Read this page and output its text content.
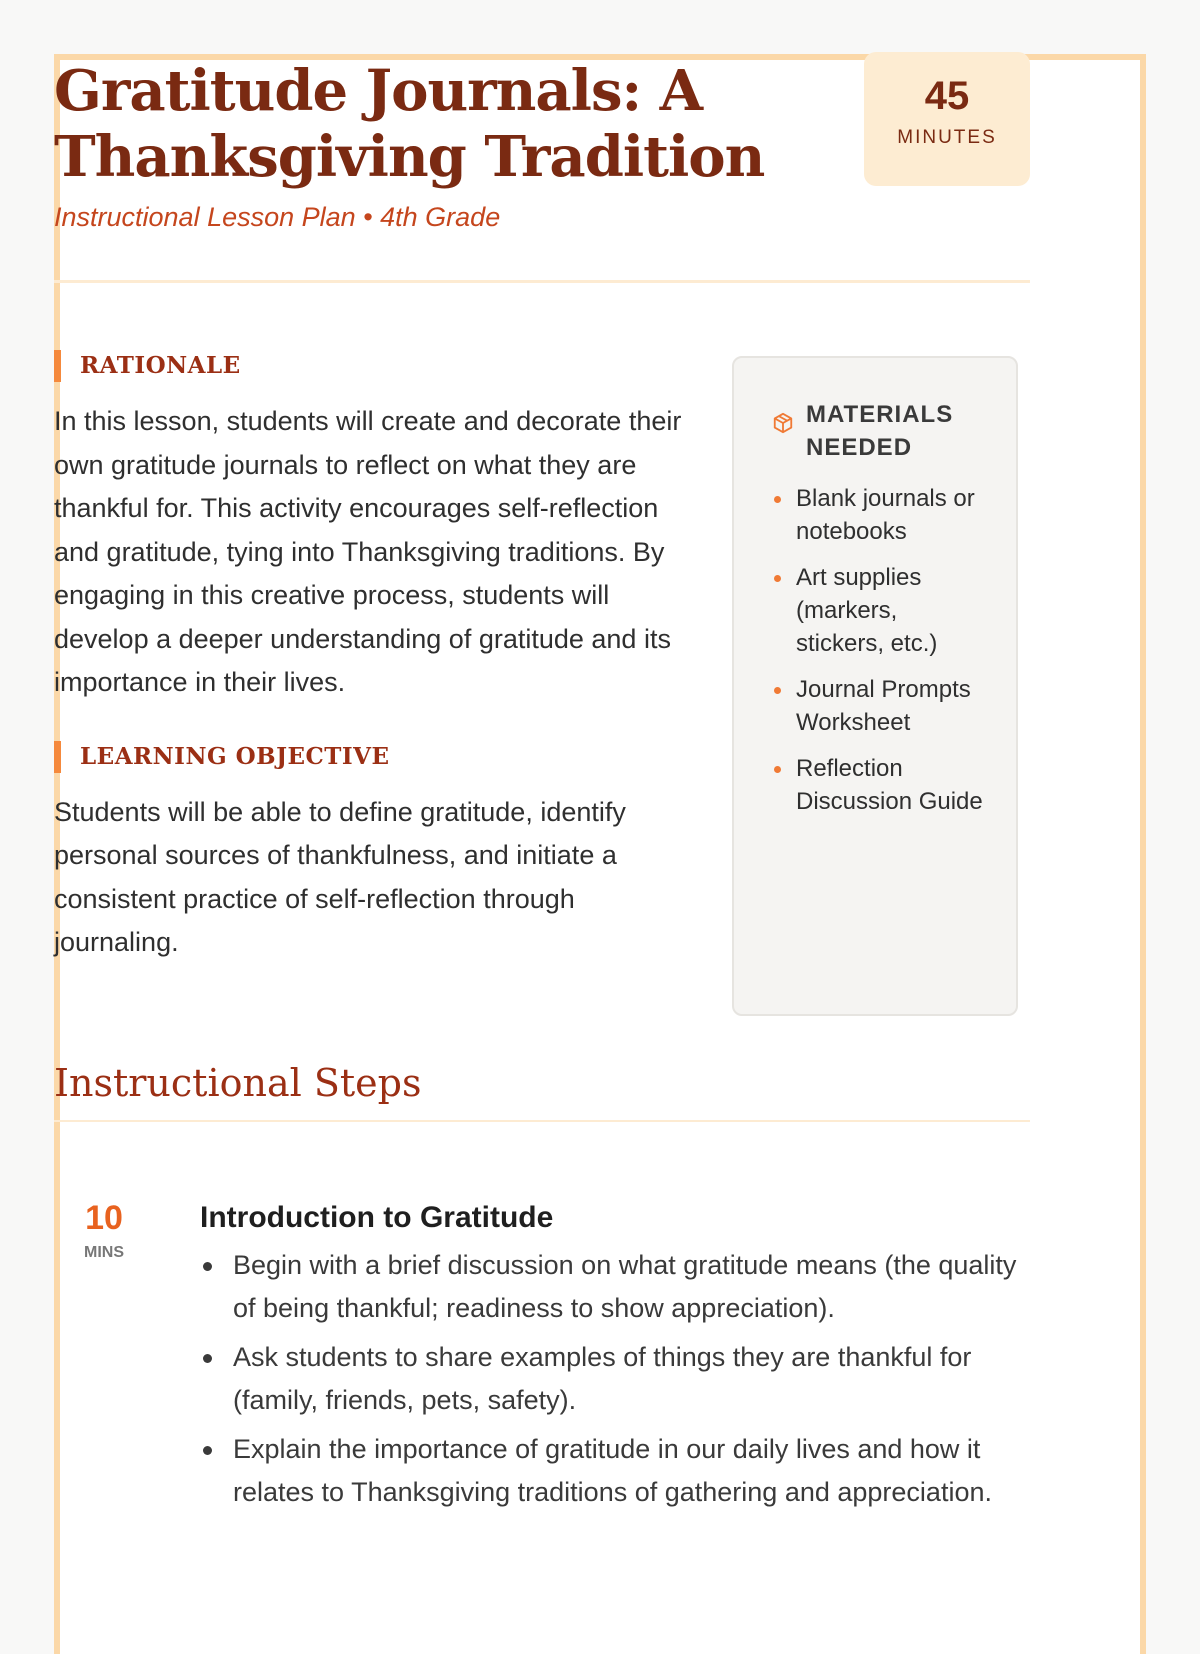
Gratitude Journals: A Thanksgiving Tradition

Instructional Lesson Plan • 4th Grade

45
MINUTES
RATIONALE

In this lesson, students will create and decorate their own gratitude journals to reflect on what they are thankful for. This activity encourages self-reflection and gratitude, tying into Thanksgiving traditions. By engaging in this creative process, students will develop a deeper understanding of gratitude and its importance in their lives.

LEARNING OBJECTIVE

Students will be able to define gratitude, identify personal sources of thankfulness, and initiate a consistent practice of self-reflection through journaling.

MATERIALS NEEDED
Blank journals or notebooks
Art supplies (markers, stickers, etc.)
Journal Prompts Worksheet
Reflection Discussion Guide
Instructional Steps
10
MINS
Introduction to Gratitude
Begin with a brief discussion on what gratitude means (the quality of being thankful; readiness to show appreciation).
Ask students to share examples of things they are thankful for (family, friends, pets, safety).
Explain the importance of gratitude in our daily lives and how it relates to Thanksgiving traditions of gathering and appreciation.
